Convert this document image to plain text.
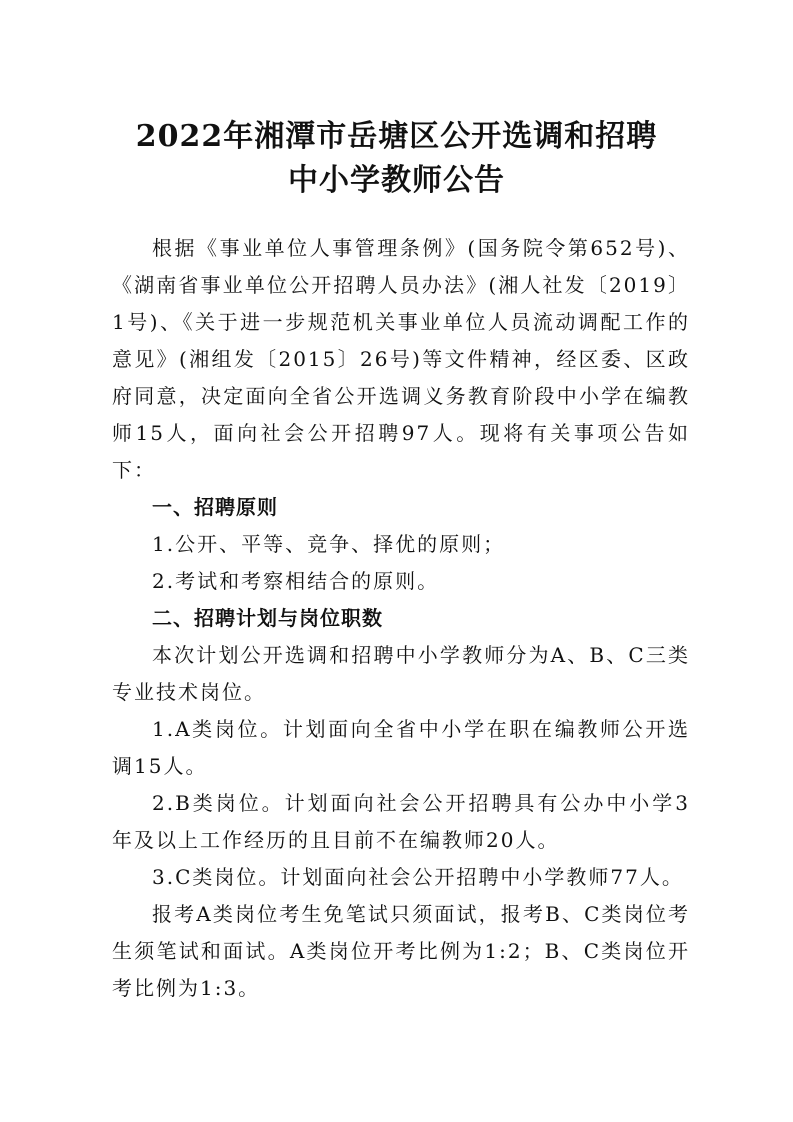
2022年湘潭市岳塘区公开选调和招聘
中小学教师公告

根据《事业单位人事管理条例》(国务院令第652号)、《湖南省事业单位公开招聘人员办法》(湘人社发〔2019〕1号)、《关于进一步规范机关事业单位人员流动调配工作的意见》(湘组发〔2015〕26号)等文件精神，经区委、区政府同意，决定面向全省公开选调义务教育阶段中小学在编教师15人，面向社会公开招聘97人。现将有关事项公告如下：

一、招聘原则

1.公开、平等、竞争、择优的原则；

2.考试和考察相结合的原则。

二、招聘计划与岗位职数

本次计划公开选调和招聘中小学教师分为A、B、C三类专业技术岗位。

1.A类岗位。计划面向全省中小学在职在编教师公开选调15人。

2.B类岗位。计划面向社会公开招聘具有公办中小学3年及以上工作经历的且目前不在编教师20人。

3.C类岗位。计划面向社会公开招聘中小学教师77人。

报考A类岗位考生免笔试只须面试，报考B、C类岗位考生须笔试和面试。A类岗位开考比例为1:2；B、C类岗位开考比例为1:3。
